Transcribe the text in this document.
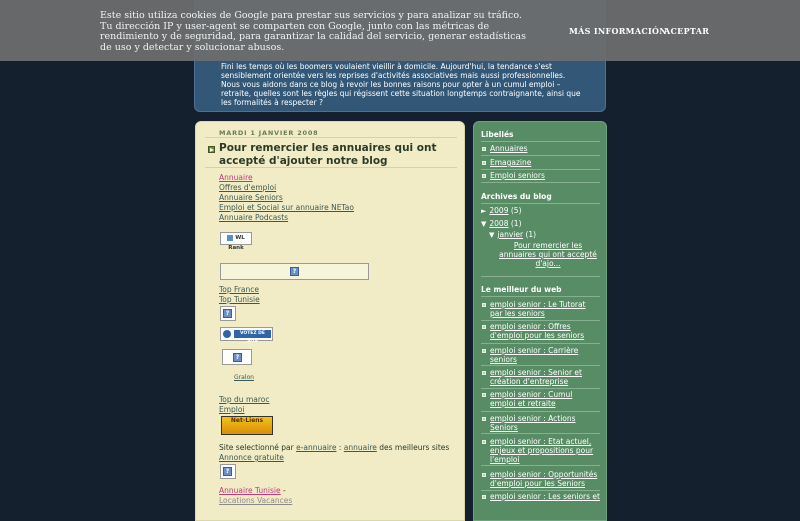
Fini les temps où les boomers voulaient vieillir à domicile. Aujourd'hui, la tendance s'est sensiblement orientée vers les reprises d'activités associatives mais aussi professionnelles. Nous vous aidons dans ce blog à revoir les bonnes raisons pour opter à un cumul emploi – retraite, quelles sont les règles qui régissent cette situation longtemps contraignante, ainsi que les formalités à respecter ?
MARDI 1 JANVIER 2008
Pour remercier les annuaires qui ont accepté d'ajouter notre blog
Annuaire
Offres d'emploi
Annuaire Seniors
Emploi et Social sur annuaire NETao
Annuaire Podcasts
WL Rank
?
Top France
Top Tunisie
?
VOTEZ DE SITE
?
Gralon
Top du maroc
Emploi
Net-Liens
Site selectionné par e-annuaire : annuaire des meilleurs sites
Annonce gratuite
?
Annuaire Tunisie -
Locations Vacances
Libellés
Annuaires
Emagazine
Emploi seniors
Archives du blog
► 2009 (5)
▼ 2008 (1)
▼ janvier (1)
Pour remercier les annuaires qui ont accepté d'ajo...
Le meilleur du web
emploi senior : Le Tutorat par les seniors
emploi senior : Offres d'emploi pour les seniors
emploi senior : Carrière seniors
emploi senior : Senior et création d'entreprise
emploi senior : Cumul emploi et retraite
emploi senior : Actions Seniors
emploi senior : Etat actuel, enjeux et propositions pour l'emploi
emploi senior : Opportunités d'emploi pour les Seniors
emploi senior : Les seniors et
Este sitio utiliza cookies de Google para prestar sus servicios y para analizar su tráfico. Tu dirección IP y user-agent se comparten con Google, junto con las métricas de rendimiento y de seguridad, para garantizar la calidad del servicio, generar estadísticas de uso y detectar y solucionar abusos.
MÁS INFORMACIÓN
ACEPTAR
